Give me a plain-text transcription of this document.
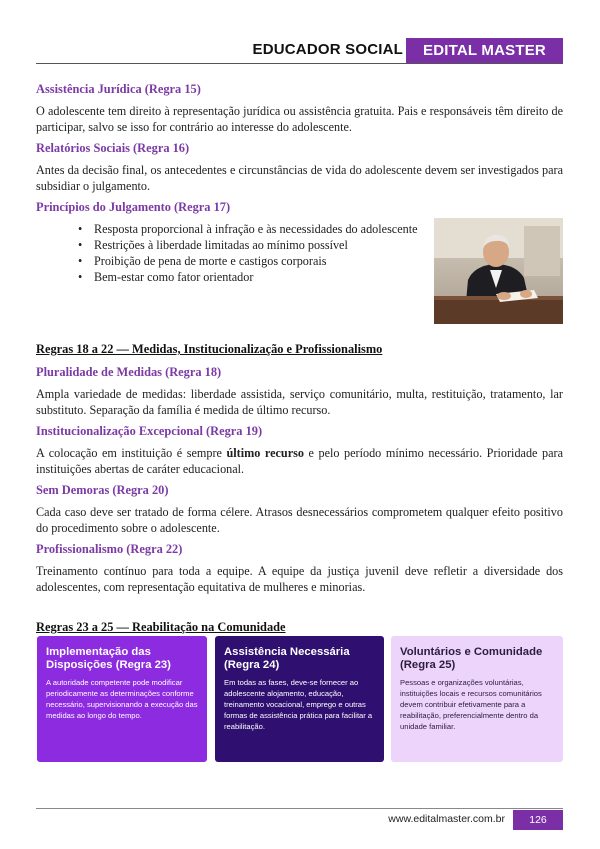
EDUCADOR SOCIAL	EDITAL MASTER
Assistência Jurídica (Regra 15)

O adolescente tem direito à representação jurídica ou assistência gratuita. Pais e responsáveis têm direito de participar, salvo se isso for contrário ao interesse do adolescente.

Relatórios Sociais (Regra 16)

Antes da decisão final, os antecedentes e circunstâncias de vida do adolescente devem ser investigados para subsidiar o julgamento.

Princípios do Julgamento (Regra 17)
• Resposta proporcional à infração e às necessidades do adolescente
• Restrições à liberdade limitadas ao mínimo possível
• Proibição de pena de morte e castigos corporais
• Bem-estar como fator orientador
Regras 18 a 22 — Medidas, Institucionalização e Profissionalismo
Pluralidade de Medidas (Regra 18)

Ampla variedade de medidas: liberdade assistida, serviço comunitário, multa, restituição, tratamento, lar substituto. Separação da família é medida de último recurso.

Institucionalização Excepcional (Regra 19)

A colocação em instituição é sempre último recurso e pelo período mínimo necessário. Prioridade para instituições abertas de caráter educacional.

Sem Demoras (Regra 20)

Cada caso deve ser tratado de forma célere. Atrasos desnecessários comprometem qualquer efeito positivo do procedimento sobre o adolescente.

Profissionalismo (Regra 22)

Treinamento contínuo para toda a equipe. A equipe da justiça juvenil deve refletir a diversidade dos adolescentes, com representação equitativa de mulheres e minorias.

Regras 23 a 25 — Reabilitação na Comunidade
Implementação das Disposições (Regra 23)
A autoridade competente pode modificar periodicamente as determinações conforme necessário, supervisionando a execução das medidas ao longo do tempo.
Assistência Necessária (Regra 24)
Em todas as fases, deve-se fornecer ao adolescente alojamento, educação, treinamento vocacional, emprego e outras formas de assistência prática para facilitar a reabilitação.
Voluntários e Comunidade (Regra 25)
Pessoas e organizações voluntárias, instituições locais e recursos comunitários devem contribuir efetivamente para a reabilitação, preferencialmente dentro da unidade familiar.
www.editalmaster.com.br	126
